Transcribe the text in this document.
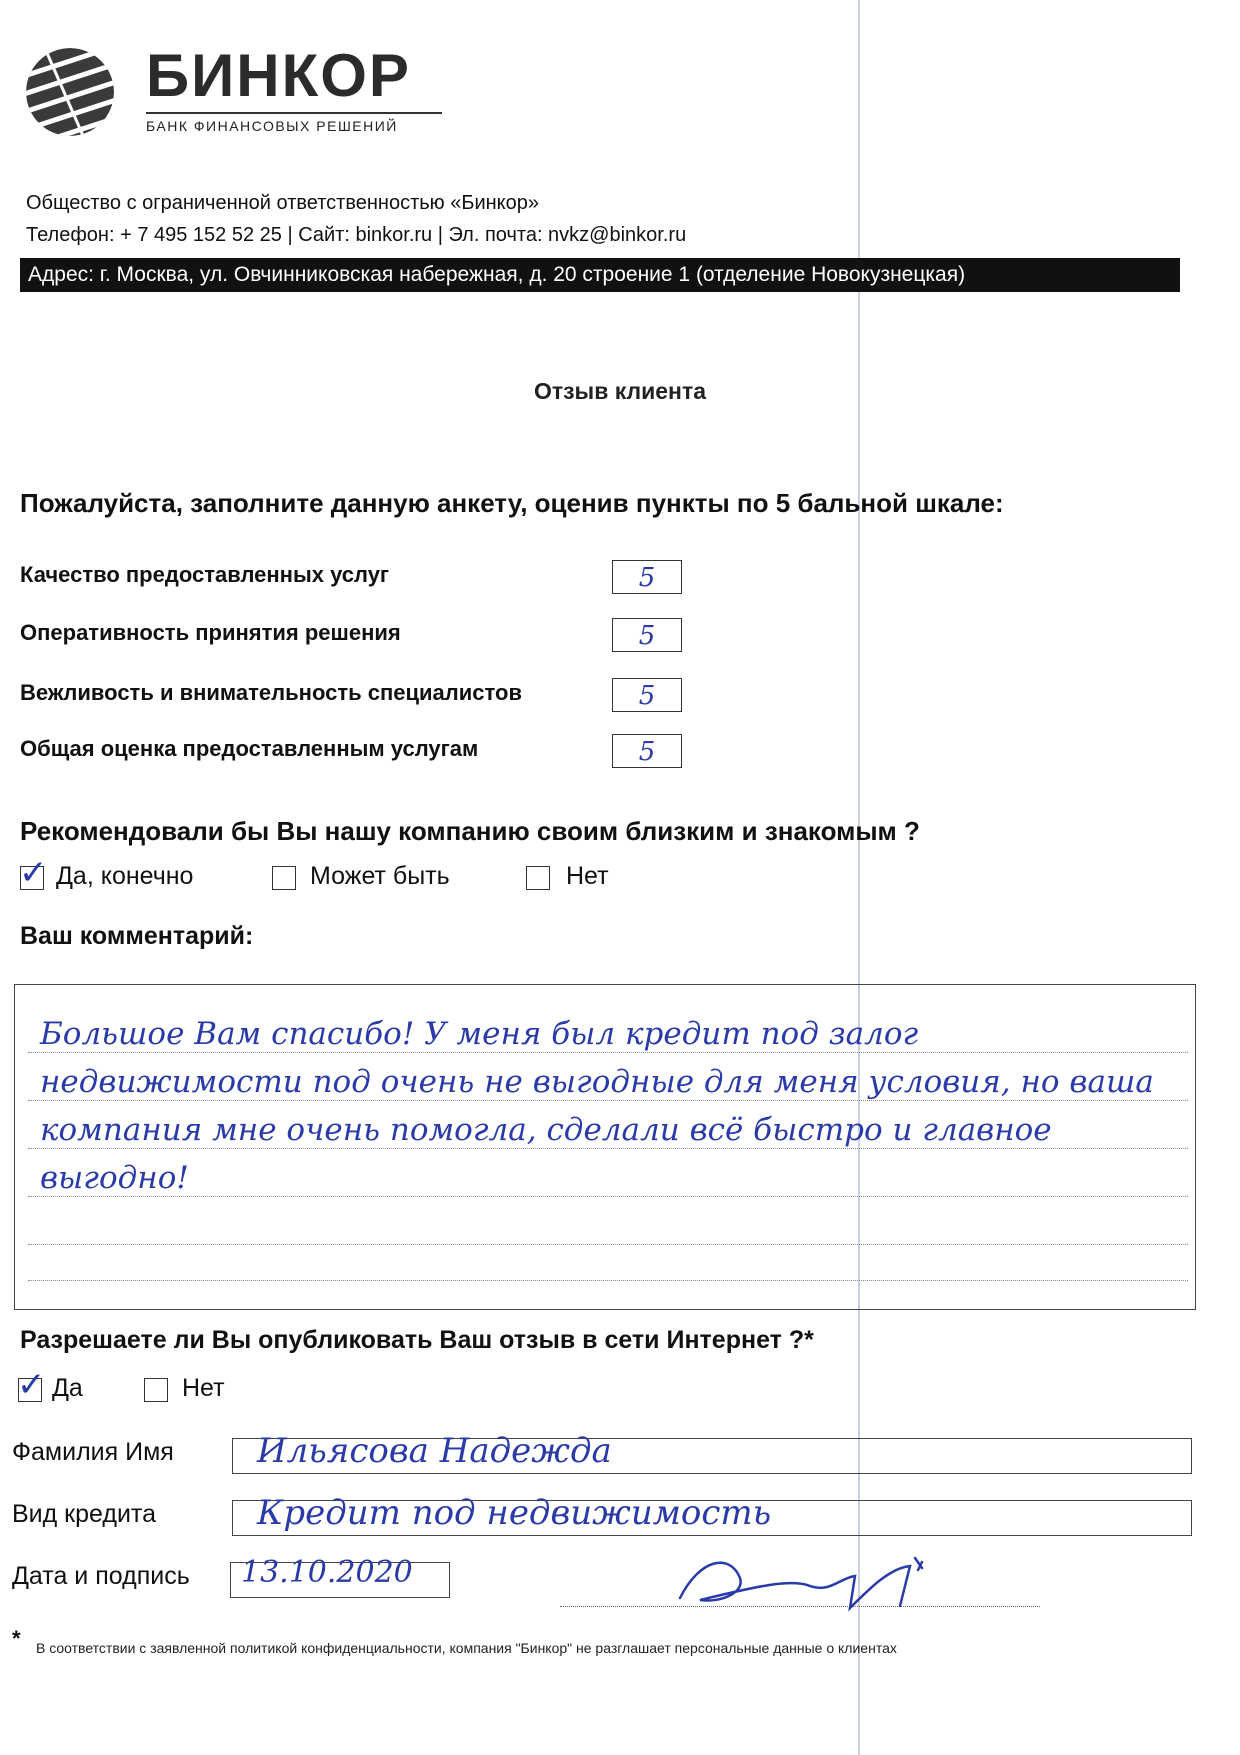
БИНКОР
БАНК ФИНАНСОВЫХ РЕШЕНИЙ
Общество с ограниченной ответственностью «Бинкор»
Телефон: + 7 495 152 52 25 | Сайт: binkor.ru | Эл. почта: nvkz@binkor.ru
Адрес: г. Москва, ул. Овчинниковская набережная, д. 20 строение 1 (отделение Новокузнецкая)
Отзыв клиента
Пожалуйста, заполните данную анкету, оценив пункты по 5 бальной шкале:
Качество предоставленных услуг	5
Оперативность принятия решения	5
Вежливость и внимательность специалистов	5
Общая оценка предоставленным услугам	5
Рекомендовали бы Вы нашу компанию своим близким и знакомым ?
✓ Да, конечно	Может быть	Нет
Ваш комментарий:
Большое Вам спасибо! У меня был кредит под залог недвижимости под очень не выгодные для меня условия, но ваша компания мне очень помогла, сделали всё быстро и главное выгодно!
Разрешаете ли Вы опубликовать Ваш отзыв в сети Интернет ?*
✓ Да	Нет
Фамилия Имя Ильясова Надежда
Вид кредита	Кредит под недвижимость
Дата и подпись 13.10.2020
* В соответствии с заявленной политикой конфиденциальности, компания "Бинкор" не разглашает персональные данные о клиентах
